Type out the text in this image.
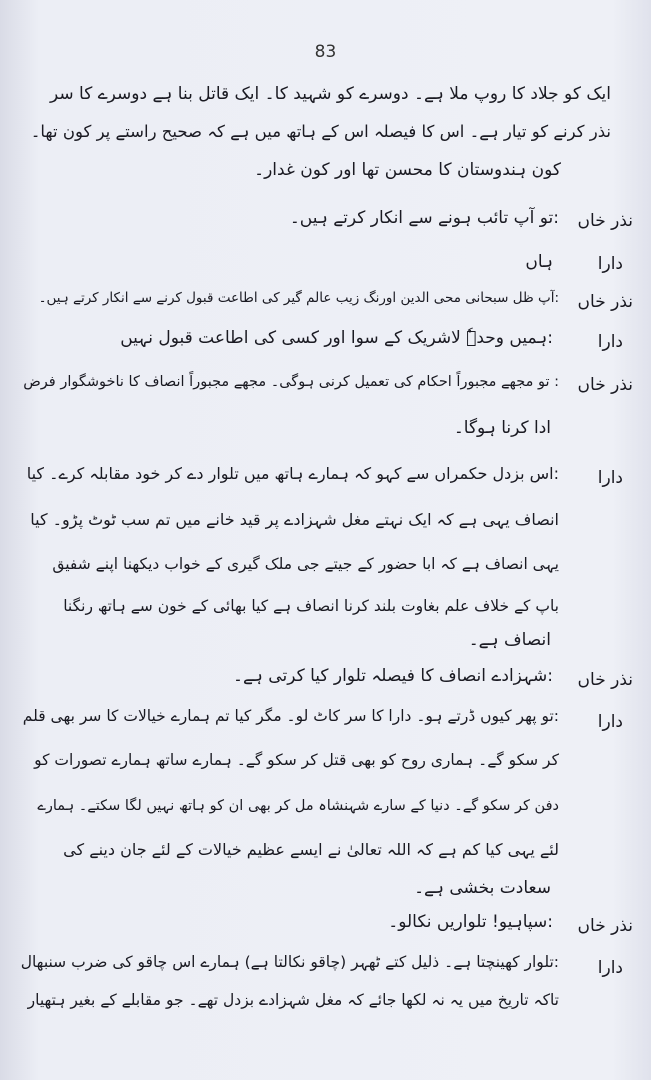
83
ایک کو جلاد کا روپ ملا ہے۔ دوسرے کو شہید کا۔ ایک قاتل بنا ہے دوسرے کا سر
نذر کرنے کو تیار ہے۔ اس کا فیصلہ اس کے ہاتھ میں ہے کہ صحیح راستے پر کون تھا۔
کون ہندوستان کا محسن تھا اور کون غدار۔
نذر خاں
:تو آپ تائب ہونے سے انکار کرتے ہیں۔
دارا
ہاں
نذر خاں
:آپ ظل سبحانی محی الدین اورنگ زیب عالم گیر کی اطاعت قبول کرنے سے انکار کرتے ہیں۔
دارا
:ہمیں وحدہٗ لاشریک کے سوا اور کسی کی اطاعت قبول نہیں
نذر خاں
: تو مجھے مجبوراً احکام کی تعمیل کرنی ہوگی۔ مجھے مجبوراً انصاف کا ناخوشگوار فرض
ادا کرنا ہوگا۔
دارا
:اس بزدل حکمراں سے کہو کہ ہمارے ہاتھ میں تلوار دے کر خود مقابلہ کرے۔ کیا
انصاف یہی ہے کہ ایک نہتے مغل شہزادے پر قید خانے میں تم سب ٹوٹ پڑو۔ کیا
یہی انصاف ہے کہ ابا حضور کے جیتے جی ملک گیری کے خواب دیکھنا اپنے شفیق
باپ کے خلاف علم بغاوت بلند کرنا انصاف ہے کیا بھائی کے خون سے ہاتھ رنگنا
انصاف ہے۔
نذر خاں
:شہزادے انصاف کا فیصلہ تلوار کیا کرتی ہے۔
دارا
:تو پھر کیوں ڈرتے ہو۔ دارا کا سر کاٹ لو۔ مگر کیا تم ہمارے خیالات کا سر بھی قلم
کر سکو گے۔ ہماری روح کو بھی قتل کر سکو گے۔ ہمارے ساتھ ہمارے تصورات کو
دفن کر سکو گے۔ دنیا کے سارے شہنشاہ مل کر بھی ان کو ہاتھ نہیں لگا سکتے۔ ہمارے
لئے یہی کیا کم ہے کہ اللہ تعالیٰ نے ایسے عظیم خیالات کے لئے جان دینے کی
سعادت بخشی ہے۔
نذر خاں
:سپاہیو! تلواریں نکالو۔
دارا
:تلوار کھینچتا ہے۔ ذلیل کتے ٹھہر (چاقو نکالتا ہے) ہمارے اس چاقو کی ضرب سنبھال
تاکہ تاریخ میں یہ نہ لکھا جائے کہ مغل شہزادے بزدل تھے۔ جو مقابلے کے بغیر ہتھیار
